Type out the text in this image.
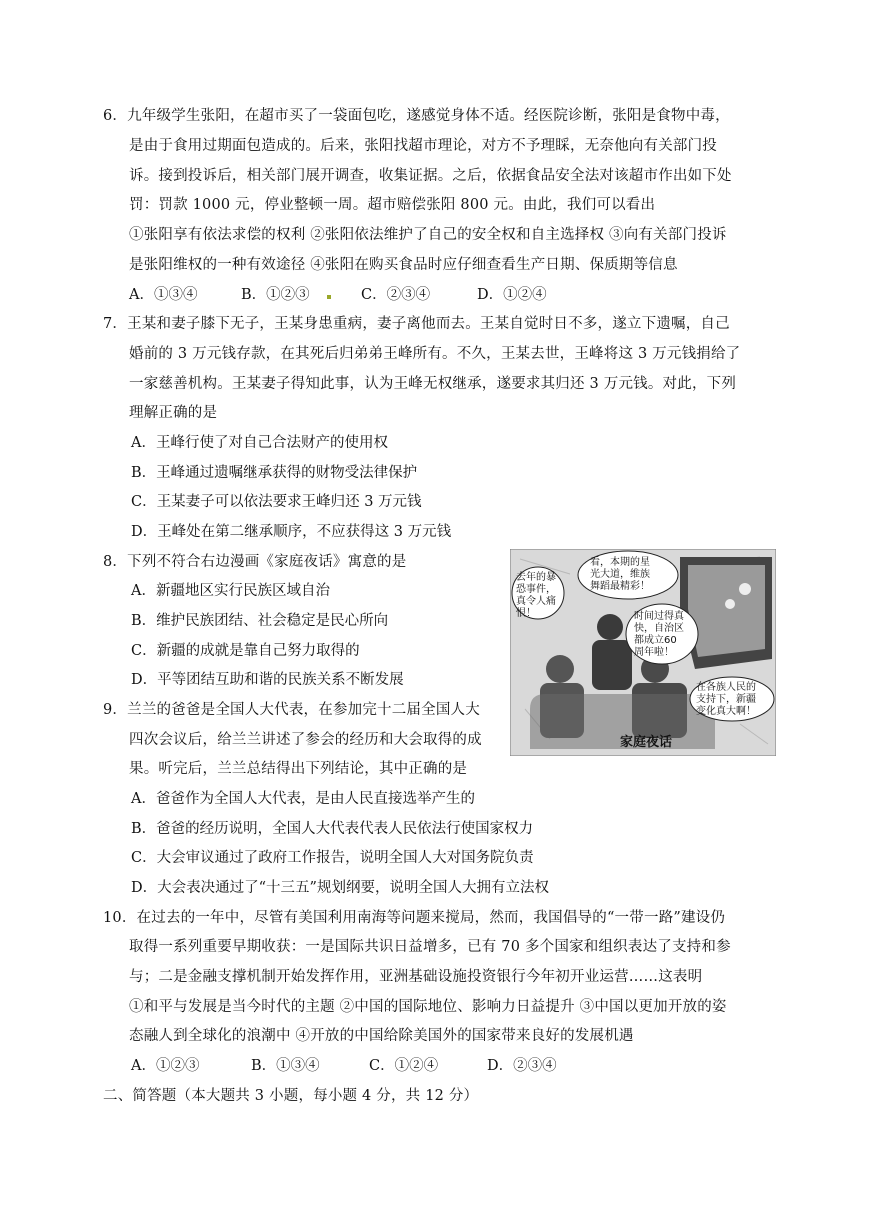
6．九年级学生张阳，在超市买了一袋面包吃，遂感觉身体不适。经医院诊断，张阳是食物中毒，
是由于食用过期面包造成的。后来，张阳找超市理论，对方不予理睬，无奈他向有关部门投
诉。接到投诉后，相关部门展开调查，收集证据。之后，依据食品安全法对该超市作出如下处
罚：罚款 1000 元，停业整顿一周。超市赔偿张阳 800 元。由此，我们可以看出
①张阳享有依法求偿的权利 ②张阳依法维护了自己的安全权和自主选择权 ③向有关部门投诉
是张阳维权的一种有效途径 ④张阳在购买食品时应仔细查看生产日期、保质期等信息
A．①③④	B．①②③	C．②③④	D．①②④
7．王某和妻子膝下无子，王某身患重病，妻子离他而去。王某自觉时日不多，遂立下遗嘱，自己
婚前的 3 万元钱存款，在其死后归弟弟王峰所有。不久，王某去世，王峰将这 3 万元钱捐给了
一家慈善机构。王某妻子得知此事，认为王峰无权继承，遂要求其归还 3 万元钱。对此，下列
理解正确的是
A．王峰行使了对自己合法财产的使用权
B．王峰通过遗嘱继承获得的财物受法律保护
C．王某妻子可以依法要求王峰归还 3 万元钱
D．王峰处在第二继承顺序，不应获得这 3 万元钱
8．下列不符合右边漫画《家庭夜话》寓意的是
A．新疆地区实行民族区域自治
B．维护民族团结、社会稳定是民心所向
C．新疆的成就是靠自己努力取得的
D．平等团结互助和谐的民族关系不断发展
去年的暴
恐事件，
真令人痛
恨！
看，本期的星
光大道，维族
舞蹈最精彩！
时间过得真
快，自治区
都成立60
周年啦！
在各族人民的
支持下，新疆
变化真大啊！
家庭夜话
9．兰兰的爸爸是全国人大代表，在参加完十二届全国人大
四次会议后，给兰兰讲述了参会的经历和大会取得的成
果。听完后，兰兰总结得出下列结论，其中正确的是
A．爸爸作为全国人大代表，是由人民直接选举产生的
B．爸爸的经历说明，全国人大代表代表人民依法行使国家权力
C．大会审议通过了政府工作报告，说明全国人大对国务院负责
D．大会表决通过了“十三五”规划纲要，说明全国人大拥有立法权
10．在过去的一年中，尽管有美国利用南海等问题来搅局，然而，我国倡导的“一带一路”建设仍
取得一系列重要早期收获：一是国际共识日益增多，已有 70 多个国家和组织表达了支持和参
与；二是金融支撑机制开始发挥作用，亚洲基础设施投资银行今年初开业运营……这表明
①和平与发展是当今时代的主题 ②中国的国际地位、影响力日益提升 ③中国以更加开放的姿
态融人到全球化的浪潮中 ④开放的中国给除美国外的国家带来良好的发展机遇
A．①②③	B．①③④	C．①②④	D．②③④
二、简答题（本大题共 3 小题，每小题 4 分，共 12 分）
